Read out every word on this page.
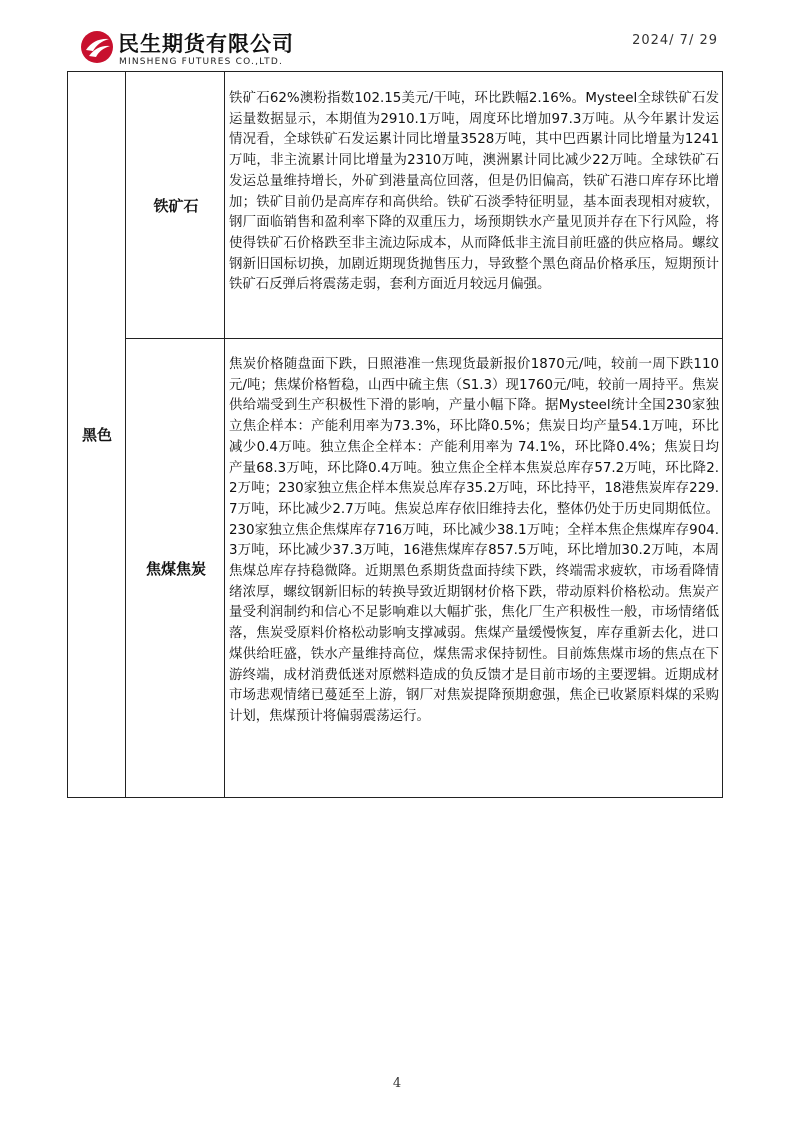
民生期货有限公司
MINSHENG FUTURES CO.,LTD.
2024/ 7/ 29
黑色
铁矿石
铁矿石62%澳粉指数102.15美元/干吨，环比跌幅2.16%。Mysteel全球铁矿石发运量数据显示，本期值为2910.1万吨，周度环比增加97.3万吨。从今年累计发运情况看，全球铁矿石发运累计同比增量3528万吨，其中巴西累计同比增量为1241万吨，非主流累计同比增量为2310万吨，澳洲累计同比减少22万吨。全球铁矿石发运总量维持增长，外矿到港量高位回落，但是仍旧偏高，铁矿石港口库存环比增加；铁矿目前仍是高库存和高供给。铁矿石淡季特征明显，基本面表现相对疲软，钢厂面临销售和盈利率下降的双重压力，场预期铁水产量见顶并存在下行风险，将使得铁矿石价格跌至非主流边际成本，从而降低非主流目前旺盛的供应格局。螺纹钢新旧国标切换，加剧近期现货抛售压力，导致整个黑色商品价格承压，短期预计铁矿石反弹后将震荡走弱，套利方面近月较远月偏强。
焦煤焦炭
焦炭价格随盘面下跌，日照港准一焦现货最新报价1870元/吨，较前一周下跌110元/吨；焦煤价格暂稳，山西中硫主焦（S1.3）现1760元/吨，较前一周持平。焦炭供给端受到生产积极性下滑的影响，产量小幅下降。据Mysteel统计全国230家独立焦企样本：产能利用率为73.3%，环比降0.5%；焦炭日均产量54.1万吨，环比减少0.4万吨。独立焦企全样本：产能利用率为 74.1%，环比降0.4%；焦炭日均产量68.3万吨，环比降0.4万吨。独立焦企全样本焦炭总库存57.2万吨，环比降2.2万吨；230家独立焦企样本焦炭总库存35.2万吨，环比持平，18港焦炭库存229.7万吨，环比减少2.7万吨。焦炭总库存依旧维持去化，整体仍处于历史同期低位。230家独立焦企焦煤库存716万吨，环比减少38.1万吨；全样本焦企焦煤库存904.3万吨，环比减少37.3万吨，16港焦煤库存857.5万吨，环比增加30.2万吨，本周焦煤总库存持稳微降。近期黑色系期货盘面持续下跌，终端需求疲软，市场看降情绪浓厚，螺纹钢新旧标的转换导致近期钢材价格下跌，带动原料价格松动。焦炭产量受利润制约和信心不足影响难以大幅扩张，焦化厂生产积极性一般，市场情绪低落，焦炭受原料价格松动影响支撑减弱。焦煤产量缓慢恢复，库存重新去化，进口煤供给旺盛，铁水产量维持高位，煤焦需求保持韧性。目前炼焦煤市场的焦点在下游终端，成材消费低迷对原燃料造成的负反馈才是目前市场的主要逻辑。近期成材市场悲观情绪已蔓延至上游，钢厂对焦炭提降预期愈强，焦企已收紧原料煤的采购计划，焦煤预计将偏弱震荡运行。
4
